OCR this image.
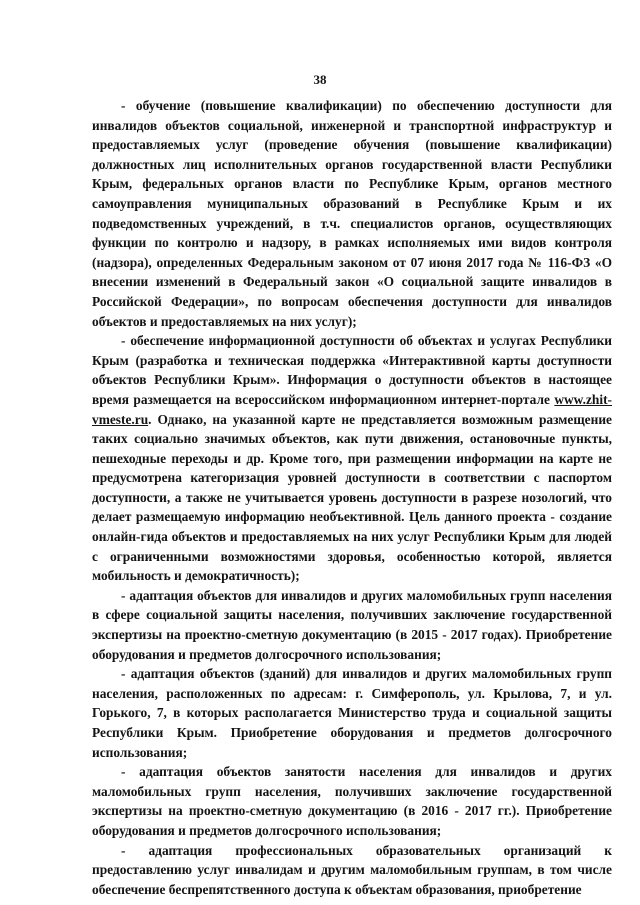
38

- обучение (повышение квалификации) по обеспечению доступности для инвалидов объектов социальной, инженерной и транспортной инфраструктур и предоставляемых услуг (проведение обучения (повышение квалификации) должностных лиц исполнительных органов государственной власти Республики Крым, федеральных органов власти по Республике Крым, органов местного самоуправления муниципальных образований в Республике Крым и их подведомственных учреждений, в т.ч. специалистов органов, осуществляющих функции по контролю и надзору, в рамках исполняемых ими видов контроля (надзора), определенных Федеральным законом от 07 июня 2017 года № 116-ФЗ «О внесении изменений в Федеральный закон «О социальной защите инвалидов в Российской Федерации», по вопросам обеспечения доступности для инвалидов объектов и предоставляемых на них услуг);

- обеспечение информационной доступности об объектах и услугах Республики Крым (разработка и техническая поддержка «Интерактивной карты доступности объектов Республики Крым». Информация о доступности объектов в настоящее время размещается на всероссийском информационном интернет-портале www.zhit-vmeste.ru. Однако, на указанной карте не представляется возможным размещение таких социально значимых объектов, как пути движения, остановочные пункты, пешеходные переходы и др. Кроме того, при размещении информации на карте не предусмотрена категоризация уровней доступности в соответствии с паспортом доступности, а также не учитывается уровень доступности в разрезе нозологий, что делает размещаемую информацию необъективной. Цель данного проекта - создание онлайн-гида объектов и предоставляемых на них услуг Республики Крым для людей с ограниченными возможностями здоровья, особенностью которой, является мобильность и демократичность);

- адаптация объектов для инвалидов и других маломобильных групп населения в сфере социальной защиты населения, получивших заключение государственной экспертизы на проектно-сметную документацию (в 2015 - 2017 годах). Приобретение оборудования и предметов долгосрочного использования;

- адаптация объектов (зданий) для инвалидов и других маломобильных групп населения, расположенных по адресам: г. Симферополь, ул. Крылова, 7, и ул. Горького, 7, в которых располагается Министерство труда и социальной защиты Республики Крым. Приобретение оборудования и предметов долгосрочного использования;

- адаптация объектов занятости населения для инвалидов и других маломобильных групп населения, получивших заключение государственной экспертизы на проектно-сметную документацию (в 2016 - 2017 гг.). Приобретение оборудования и предметов долгосрочного использования;

- адаптация профессиональных образовательных организаций к предоставлению услуг инвалидам и другим маломобильным группам, в том числе обеспечение беспрепятственного доступа к объектам образования, приобретение
